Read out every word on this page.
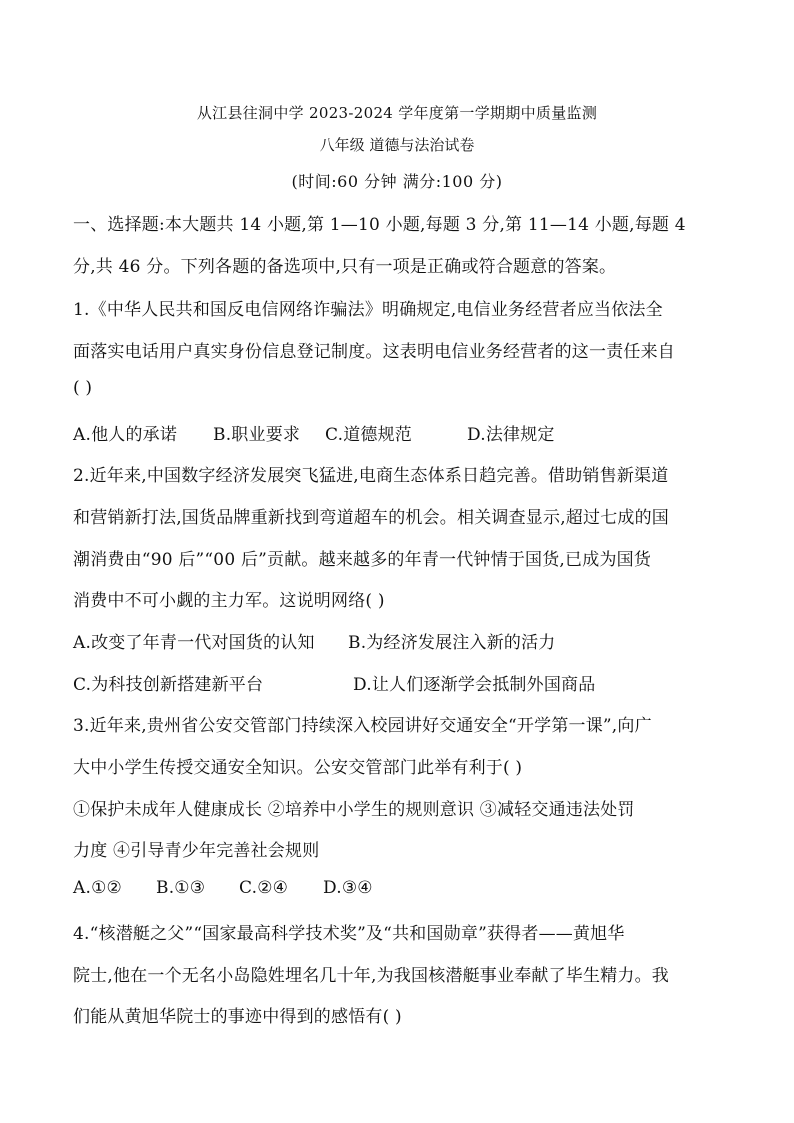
从江县往洞中学 2023-2024 学年度第一学期期中质量监测
八年级 道德与法治试卷
(时间:60 分钟 满分:100 分)
一、选择题:本大题共 14 小题,第 1—10 小题,每题 3 分,第 11—14 小题,每题 4
分,共 46 分。下列各题的备选项中,只有一项是正确或符合题意的答案。
1.《中华人民共和国反电信网络诈骗法》明确规定,电信业务经营者应当依法全
面落实电话用户真实身份信息登记制度。这表明电信业务经营者的这一责任来自
( )
A.他人的承诺 B.职业要求 C.道德规范	D.法律规定
2.近年来,中国数字经济发展突飞猛进,电商生态体系日趋完善。借助销售新渠道
和营销新打法,国货品牌重新找到弯道超车的机会。相关调查显示,超过七成的国
潮消费由“90 后”“00 后”贡献。越来越多的年青一代钟情于国货,已成为国货
消费中不可小觑的主力军。这说明网络( )
A.改变了年青一代对国货的认知 B.为经济发展注入新的活力
C.为科技创新搭建新平台	D.让人们逐渐学会抵制外国商品
3.近年来,贵州省公安交管部门持续深入校园讲好交通安全“开学第一课”,向广
大中小学生传授交通安全知识。公安交管部门此举有利于( )
①保护未成年人健康成长 ②培养中小学生的规则意识 ③减轻交通违法处罚
力度 ④引导青少年完善社会规则
A.①② B.①③ C.②④ D.③④
4.“核潜艇之父”“国家最高科学技术奖”及“共和国勋章”获得者——黄旭华
院士,他在一个无名小岛隐姓埋名几十年,为我国核潜艇事业奉献了毕生精力。我
们能从黄旭华院士的事迹中得到的感悟有( )
